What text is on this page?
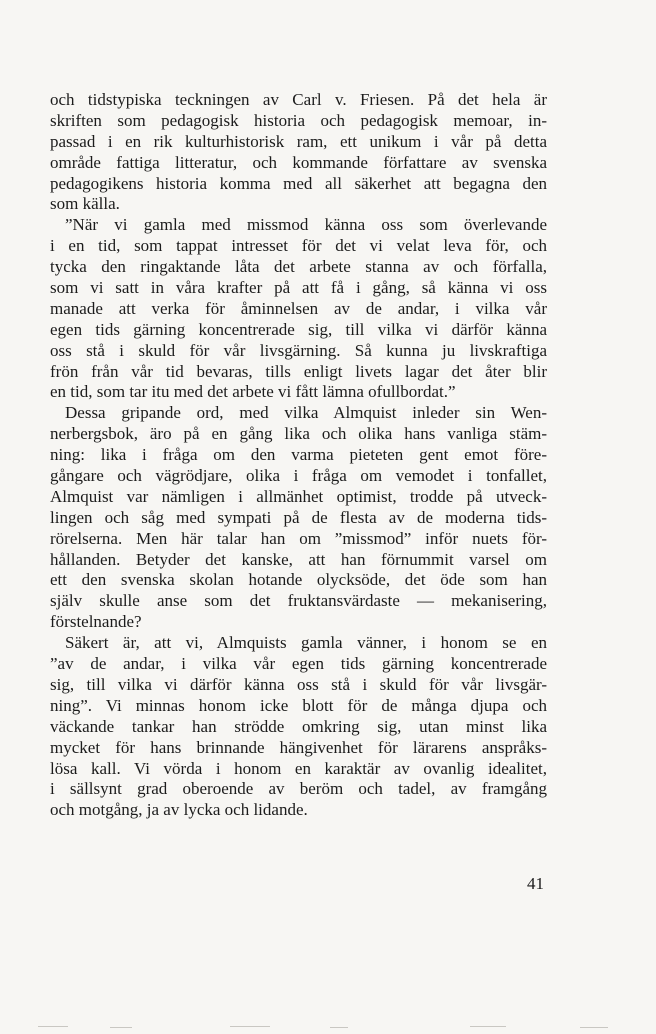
och tidstypiska teckningen av Carl v. Friesen. På det hela är
skriften som pedagogisk historia och pedagogisk memoar, in-
passad i en rik kulturhistorisk ram, ett unikum i vår på detta
område fattiga litteratur, och kommande författare av svenska
pedagogikens historia komma med all säkerhet att begagna den
som källa.
”När vi gamla med missmod känna oss som överlevande
i en tid, som tappat intresset för det vi velat leva för, och
tycka den ringaktande låta det arbete stanna av och förfalla,
som vi satt in våra krafter på att få i gång, så känna vi oss
manade att verka för åminnelsen av de andar, i vilka vår
egen tids gärning koncentrerade sig, till vilka vi därför känna
oss stå i skuld för vår livsgärning. Så kunna ju livskraftiga
frön från vår tid bevaras, tills enligt livets lagar det åter blir
en tid, som tar itu med det arbete vi fått lämna ofullbordat.”
Dessa gripande ord, med vilka Almquist inleder sin Wen-
nerbergsbok, äro på en gång lika och olika hans vanliga stäm-
ning: lika i fråga om den varma pieteten gent emot före-
gångare och vägrödjare, olika i fråga om vemodet i tonfallet,
Almquist var nämligen i allmänhet optimist, trodde på utveck-
lingen och såg med sympati på de flesta av de moderna tids-
rörelserna. Men här talar han om ”missmod” inför nuets för-
hållanden. Betyder det kanske, att han förnummit varsel om
ett den svenska skolan hotande olycksöde, det öde som han
själv skulle anse som det fruktansvärdaste — mekanisering,
förstelnande?
Säkert är, att vi, Almquists gamla vänner, i honom se en
”av de andar, i vilka vår egen tids gärning koncentrerade
sig, till vilka vi därför känna oss stå i skuld för vår livsgär-
ning”. Vi minnas honom icke blott för de många djupa och
väckande tankar han strödde omkring sig, utan minst lika
mycket för hans brinnande hängivenhet för lärarens anspråks-
lösa kall. Vi vörda i honom en karaktär av ovanlig idealitet,
i sällsynt grad oberoende av beröm och tadel, av framgång
och motgång, ja av lycka och lidande.
41
